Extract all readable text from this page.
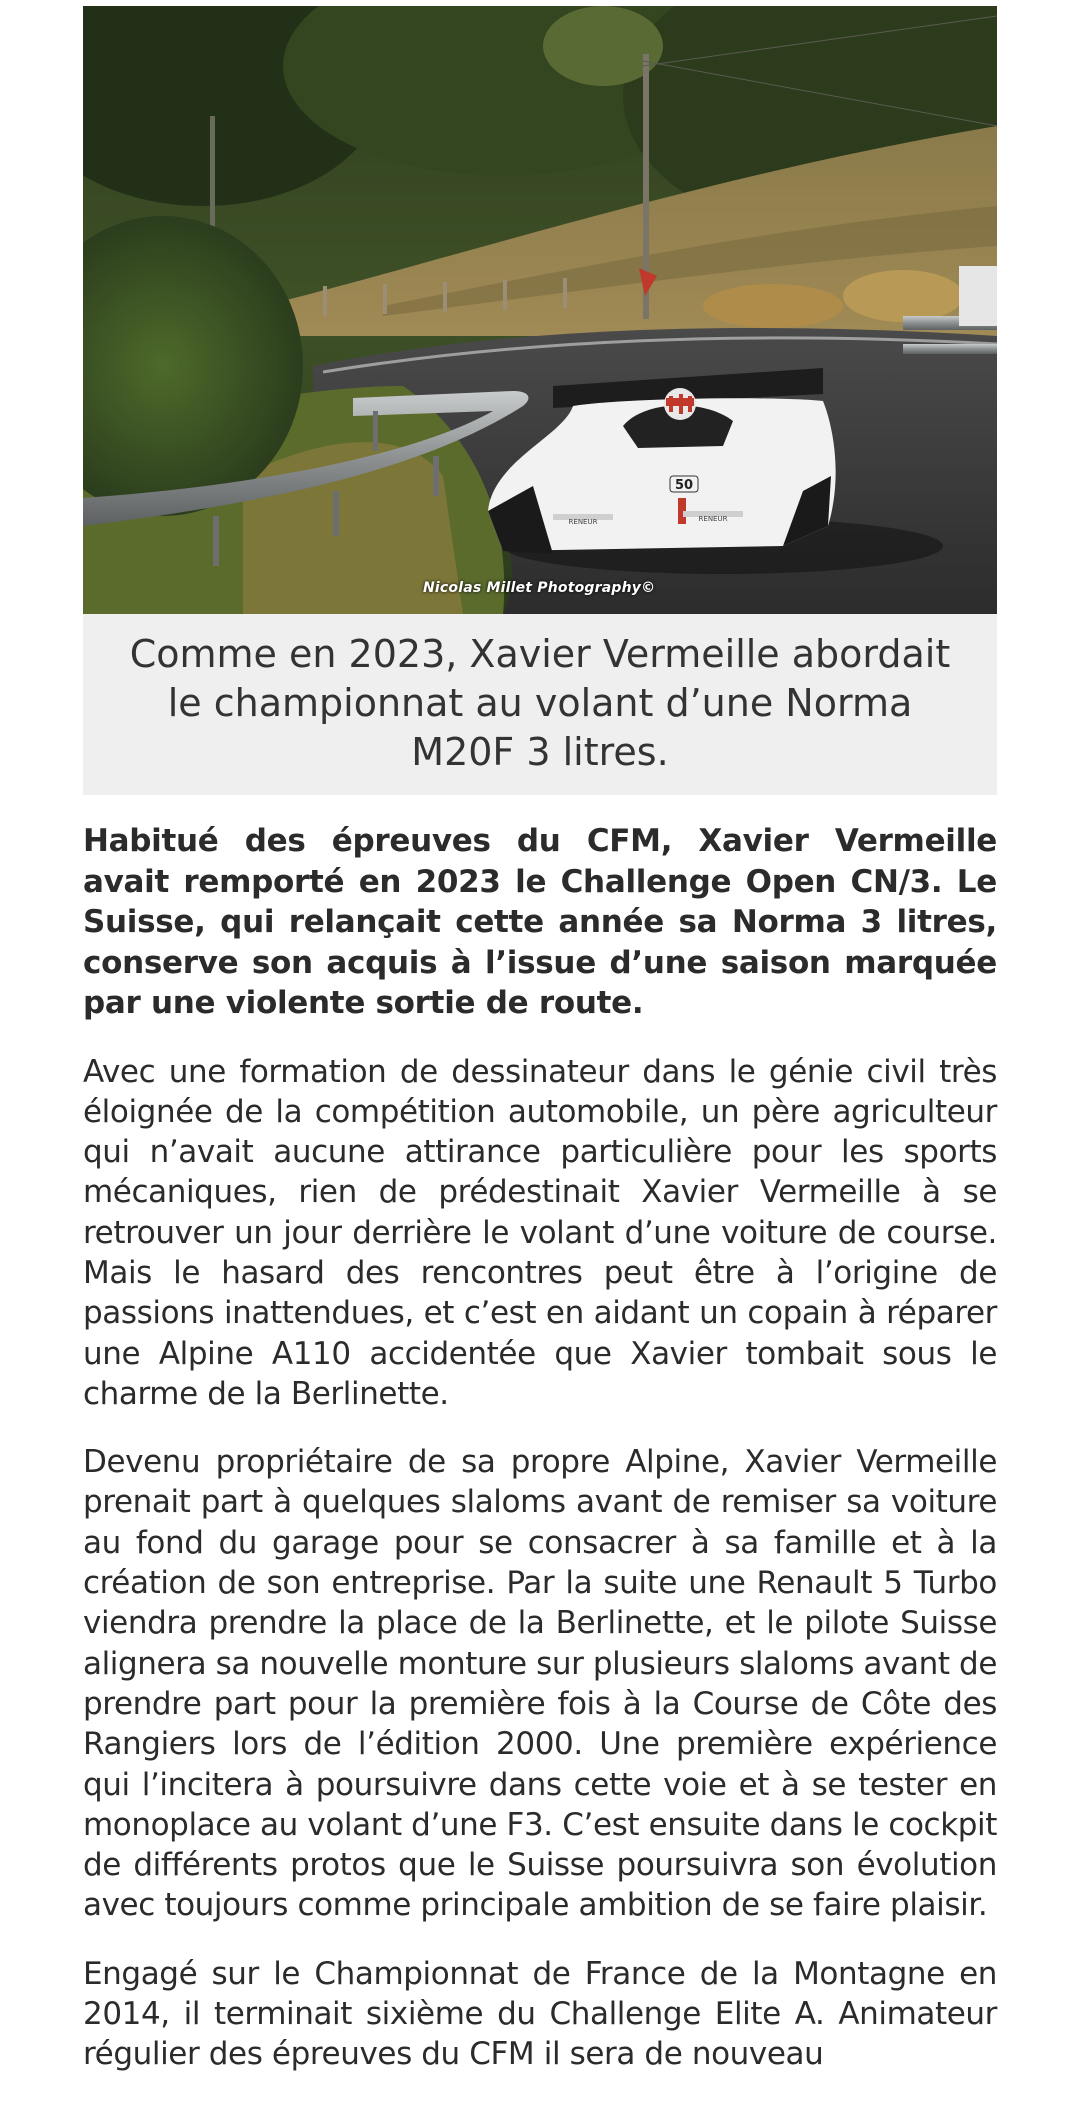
50
RENEUR	RENEUR
Nicolas Millet Photography©
Comme en 2023, Xavier Vermeille abordait le championnat au volant d’une Norma M20F 3 litres.

Habitué des épreuves du CFM, Xavier Vermeille avait remporté en 2023 le Challenge Open CN/3. Le Suisse, qui relançait cette année sa Norma 3 litres, conserve son acquis à l’issue d’une saison marquée par une violente sortie de route.

Avec une formation de dessinateur dans le génie civil très éloignée de la compétition automobile, un père agriculteur qui n’avait aucune attirance particulière pour les sports mécaniques, rien de prédestinait Xavier Vermeille à se retrouver un jour derrière le volant d’une voiture de course. Mais le hasard des rencontres peut être à l’origine de passions inattendues, et c’est en aidant un copain à réparer une Alpine A110 accidentée que Xavier tombait sous le charme de la Berlinette.

Devenu propriétaire de sa propre Alpine, Xavier Vermeille prenait part à quelques slaloms avant de remiser sa voiture au fond du garage pour se consacrer à sa famille et à la création de son entreprise. Par la suite une Renault 5 Turbo viendra prendre la place de la Berlinette, et le pilote Suisse alignera sa nouvelle monture sur plusieurs slaloms avant de prendre part pour la première fois à la Course de Côte des Rangiers lors de l’édition 2000. Une première expérience qui l’incitera à poursuivre dans cette voie et à se tester en monoplace au volant d’une F3. C’est ensuite dans le cockpit de différents protos que le Suisse poursuivra son évolution avec toujours comme principale ambition de se faire plaisir.

Engagé sur le Championnat de France de la Montagne en 2014, il terminait sixième du Challenge Elite A. Animateur régulier des épreuves du CFM il sera de nouveau
